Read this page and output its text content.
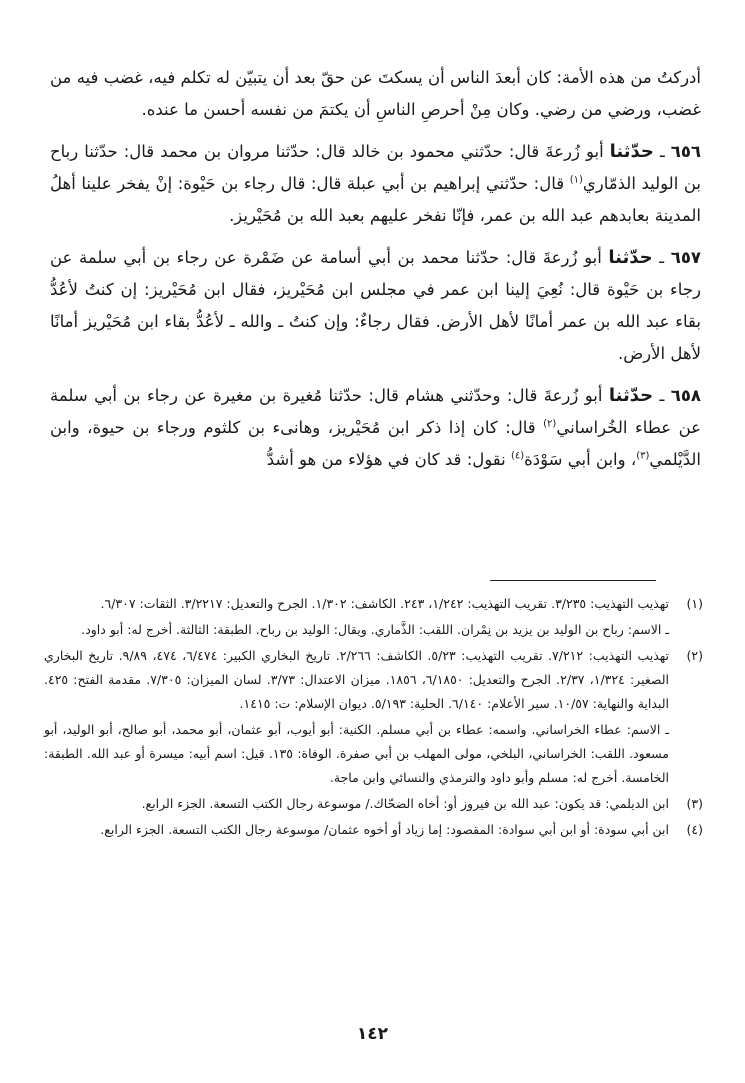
أدركتُ من هذه الأمة: كان أبعدَ الناس أن يسكتَ عن حقّ بعد أن يتبيّن له تكلم فيه، غضب فيه من غضب، ورضي من رضي. وكان مِنْ أحرصِ الناسِ أن يكتمَ من نفسه أحسن ما عنده.

٦٥٦ ـ حدّثنا أبو زُرعةَ قال: حدّثني محمود بن خالد قال: حدّثنا مروان بن محمد قال: حدّثنا رباح بن الوليد الذمّاري$^{(١)}$ قال: حدّثني إبراهيم بن أبي عبلة قال: قال رجاء بن حَيْوة: إنْ يفخر علينا أهلُ المدينة بعابدهم عبد الله بن عمر، فإنّا نفخر عليهم بعبد الله بن مُحَيْريز.

٦٥٧ ـ حدّثنا أبو زُرعةَ قال: حدّثنا محمد بن أبي أسامة عن ضَمْرة عن رجاء بن أبي سلمة عن رجاء بن حَيْوة قال: نُعِيَ إلينا ابن عمر في مجلس ابن مُحَيْريز، فقال ابن مُحَيْريز: إن كنتُ لأعُدُّ بقاء عبد الله بن عمر أمانًا لأهل الأرض. فقال رجاءٌ: وإن كنتُ ـ والله ـ لأعُدُّ بقاء ابن مُحَيْريز أمانًا لأهل الأرض.

٦٥٨ ـ حدّثنا أبو زُرعةَ قال: وحدّثني هشام قال: حدّثنا مُغيرة بن مغيرة عن رجاء بن أبي سلمة عن عطاء الخُراساني$^{(٢)}$ قال: كان إذا ذكر ابن مُحَيْريز، وهانىء بن كلثوم ورجاء بن حيوة، وابن الدَّيْلمي$^{(٣)}$، وابن أبي سَوْدَة$^{(٤)}$ نقول: قد كان في هؤلاء من هو أشدُّ

(١)

تهذيب التهذيب: ٣/٢٣٥. تقريب التهذيب: ١/٢٤٢، ٢٤٣. الكاشف: ١/٣٠٢. الجرح والتعديل: ٣/٢٢١٧. الثقات: ٦/٣٠٧.

ـ الاسم: رباح بن الوليد بن يزيد بن نِمْران. اللقب: الذَّماري. ويقال: الوليد بن رباح. الطبقة: الثالثة. أخرج له: أبو داود.

(٢)

تهذيب التهذيب: ٧/٢١٢. تقريب التهذيب: ٥/٢٣. الكاشف: ٢/٢٦٦. تاريخ البخاري الكبير: ٦/٤٧٤، ٤٧٤، ٩/٨٩. تاريخ البخاري الصغير: ١/٣٢٤، ٢/٣٧. الجرح والتعديل: ٦/١٨٥٠، ١٨٥٦. ميزان الاعتدال: ٣/٧٣. لسان الميزان: ٧/٣٠٥. مقدمة الفتح: ٤٢٥. البداية والنهاية: ١٠/٥٧. سير الأعلام: ٦/١٤٠. الحلية: ٥/١٩٣. ديوان الإسلام: ت: ١٤١٥.

ـ الاسم: عطاء الخراساني. واسمه: عطاء بن أبي مسلم. الكنية: أبو أيوب، أبو عثمان، أبو محمد، أبو صالح، أبو الوليد، أبو مسعود. اللقب: الخراساني، البلخي، مولى المهلب بن أبي صفرة. الوفاة: ١٣٥. قيل: اسم أبيه: ميسرة أو عبد الله. الطبقة: الخامسة. أخرج له: مسلم وأبو داود والترمذي والنسائي وابن ماجة.

(٣)

ابن الديلمي: قد يكون: عبد الله بن فيروز أو: أخاه الضحّاك./ موسوعة رجال الكتب التسعة. الجزء الرابع.

(٤)

ابن أبي سودة: أو ابن أبي سوادة: المقصود: إما زياد أو أخوه عثمان/ موسوعة رجال الكتب التسعة. الجزء الرابع.

١٤٢
